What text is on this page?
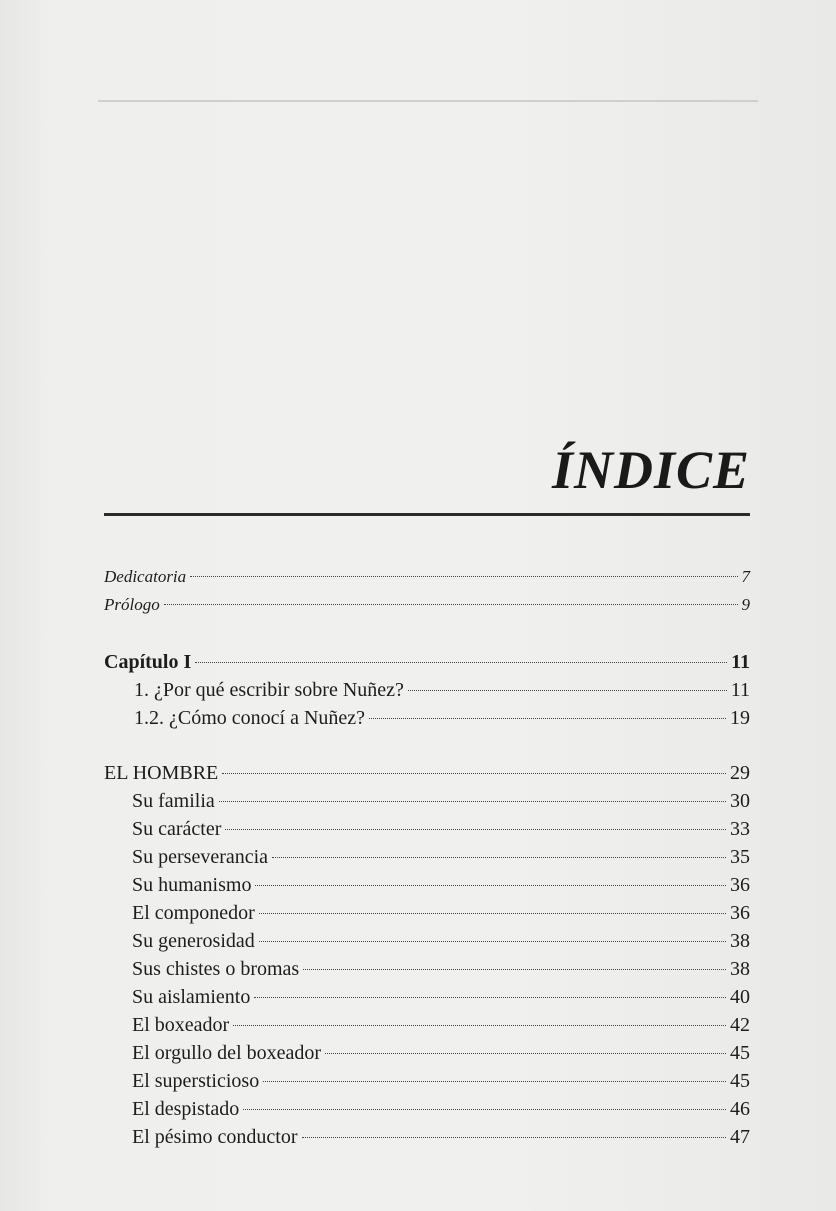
ÍNDICE
Dedicatoria	7
Prólogo	9
Capítulo I	11
1. ¿Por qué escribir sobre Nuñez?	11
1.2. ¿Cómo conocí a Nuñez?	19
EL HOMBRE	29
Su familia	30
Su carácter	33
Su perseverancia	35
Su humanismo	36
El componedor	36
Su generosidad	38
Sus chistes o bromas	38
Su aislamiento	40
El boxeador	42
El orgullo del boxeador	45
El supersticioso	45
El despistado	46
El pésimo conductor	47
